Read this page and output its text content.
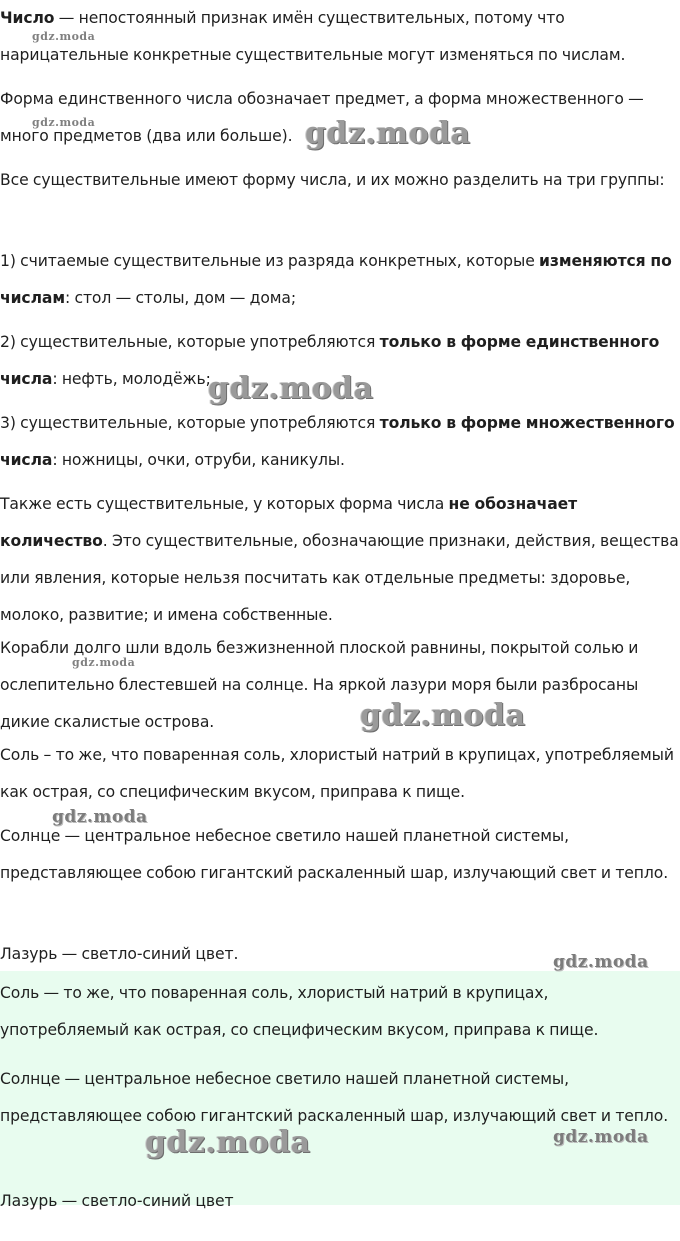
Число — непостоянный признак имён существительных, потому что нарицательные конкретные существительные могут изменяться по числам.

Форма единственного числа обозначает предмет, а форма множественного — много предметов (два или больше).

Все существительные имеют форму числа, и их можно разделить на три группы:

1) считаемые существительные из разряда конкретных, которые изменяются по числам: стол — столы, дом — дома;

2) существительные, которые употребляются только в форме единственного числа: нефть, молодёжь;

3) существительные, которые употребляются только в форме множественного числа: ножницы, очки, отруби, каникулы.

Также есть существительные, у которых форма числа не обозначает количество. Это существительные, обозначающие признаки, действия, вещества или явления, которые нельзя посчитать как отдельные предметы: здоровье, молоко, развитие; и имена собственные.

Корабли долго шли вдоль безжизненной плоской равнины, покрытой солью и ослепительно блестевшей на солнце. На яркой лазури моря были разбросаны дикие скалистые острова.

Соль – то же, что поваренная соль, хлористый натрий в крупицах, употребляемый как острая, со специфическим вкусом, приправа к пище.

Солнце — центральное небесное светило нашей планетной системы, представляющее собою гигантский раскаленный шар, излучающий свет и тепло.

Лазурь — светло-синий цвет.

Соль — то же, что поваренная соль, хлористый натрий в крупицах, употребляемый как острая, со специфическим вкусом, приправа к пище.

Солнце — центральное небесное светило нашей планетной системы, представляющее собою гигантский раскаленный шар, излучающий свет и тепло.

Лазурь — светло-синий цвет

gdz.moda
gdz.moda	gdz.moda
gdz.moda
gdz.moda
gdz.moda
gdz.moda
gdz.moda
gdz.moda	gdz.moda
